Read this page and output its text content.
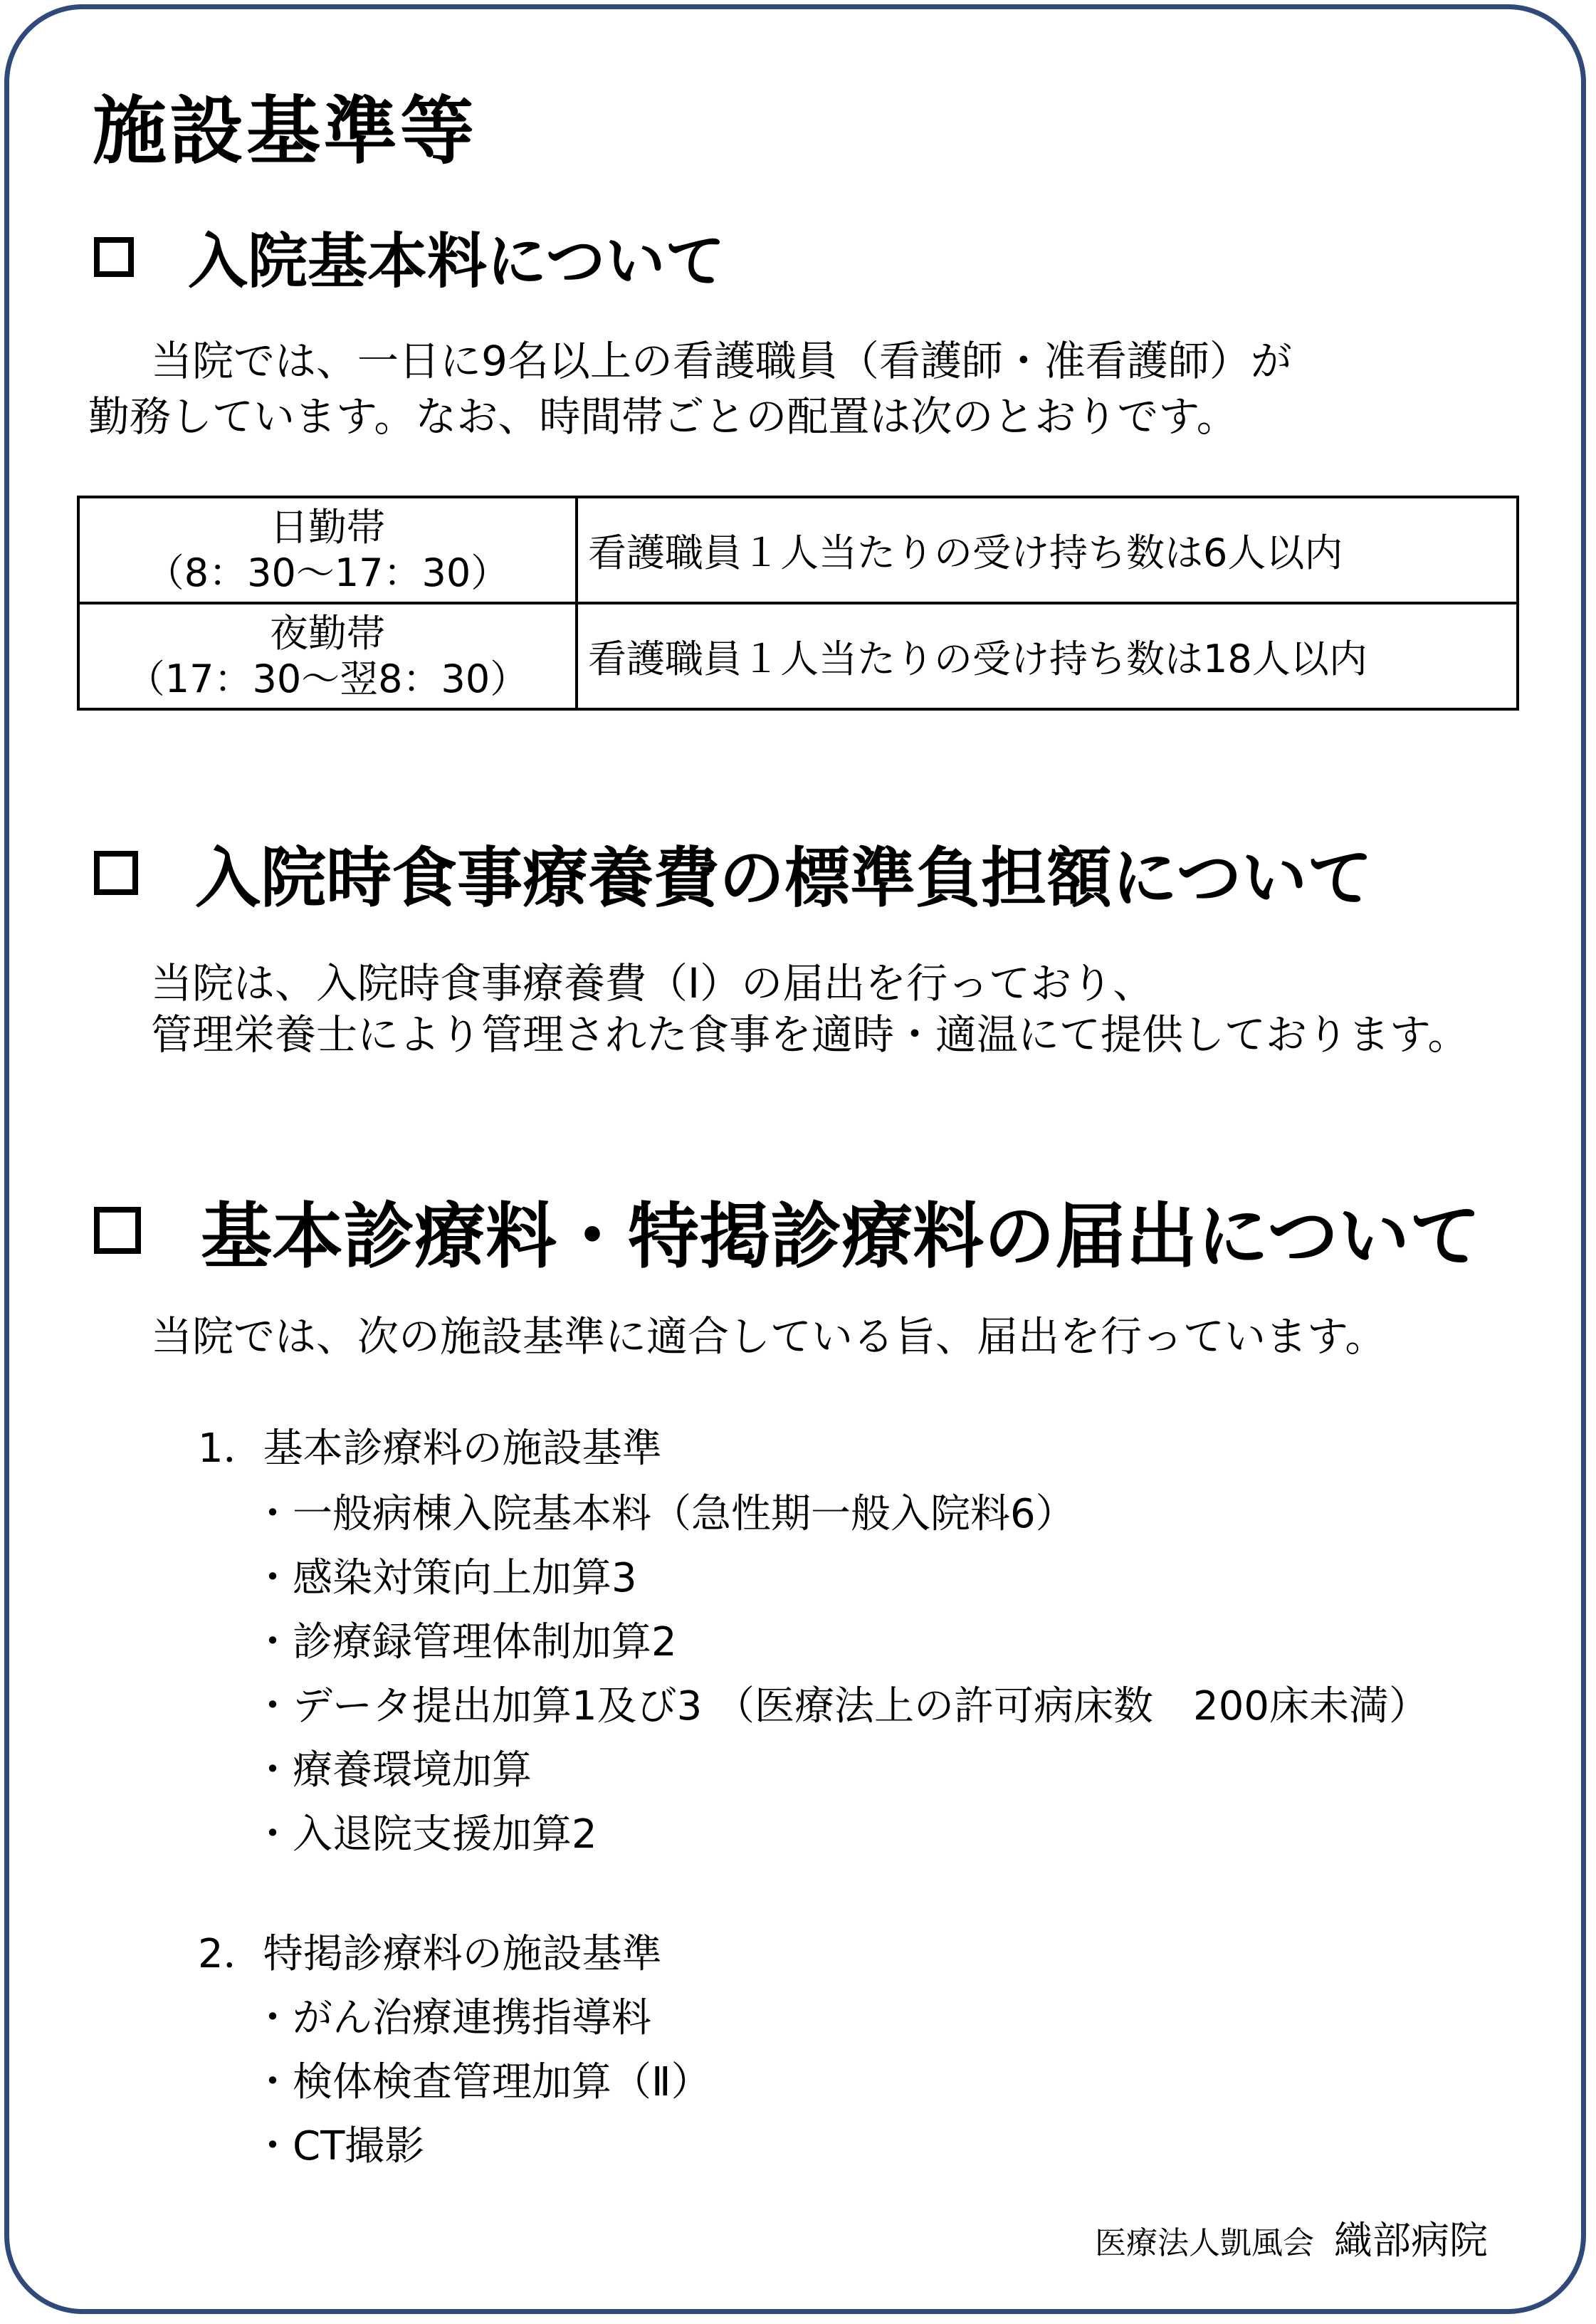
施設基準等
入院基本料について
当院では、一日に9名以上の看護職員（看護師・准看護師）が
勤務しています。なお、時間帯ごとの配置は次のとおりです。
日勤帯
（8：30～17：30）	看護職員１人当たりの受け持ち数は6人以内

夜勤帯
（17：30～翌8：30）	看護職員１人当たりの受け持ち数は18人以内
入院時食事療養費の標準負担額について
当院は、入院時食事療養費（Ⅰ）の届出を行っており、
管理栄養士により管理された食事を適時・適温にて提供しております。
基本診療料・特掲診療料の届出について
当院では、次の施設基準に適合している旨、届出を行っています。
1．基本診療料の施設基準
・一般病棟入院基本料（急性期一般入院料6）
・感染対策向上加算3
・診療録管理体制加算2
・データ提出加算1及び3 （医療法上の許可病床数　200床未満）
・療養環境加算
・入退院支援加算2
2．特掲診療料の施設基準
・がん治療連携指導料
・検体検査管理加算（Ⅱ）
・CT撮影
医療法人凱風会 織部病院
